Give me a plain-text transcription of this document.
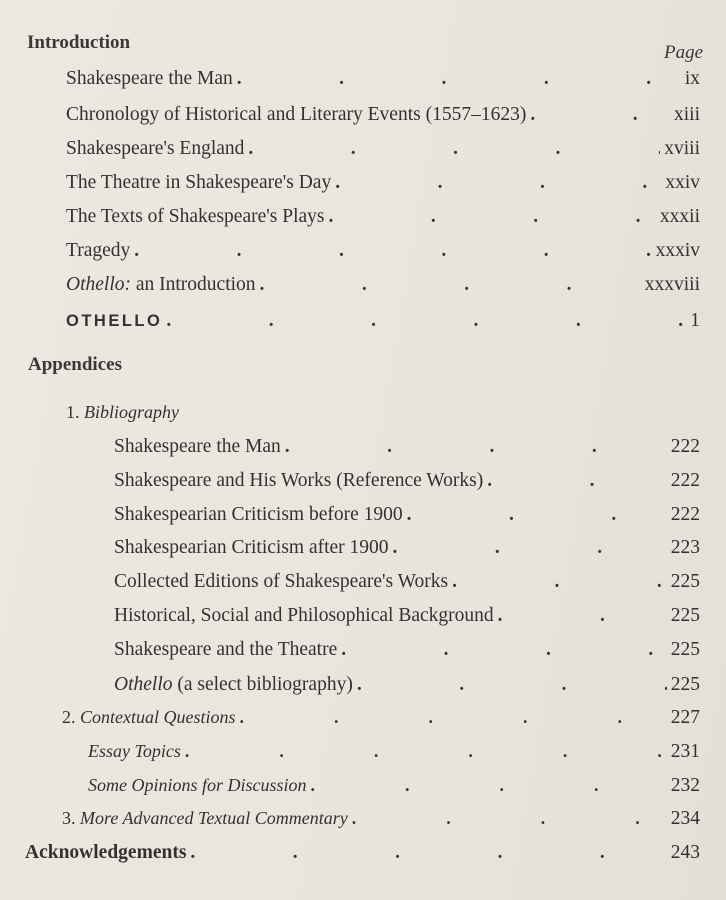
Introduction	Page
Shakespeare the Man .	ix
Chronology of Historical and Literary Events (1557–1623) .	xiii
Shakespeare's England .	xviii
The Theatre in Shakespeare's Day .	xxiv
The Texts of Shakespeare's Plays .	xxxii
Tragedy .	xxxiv
Othello: an Introduction .	xxxviii
OTHELLO .	1
Appendices
1. Bibliography
Shakespeare the Man .	222
Shakespeare and His Works (Reference Works) .	222
Shakespearian Criticism before 1900 .	222
Shakespearian Criticism after 1900 .	223
Collected Editions of Shakespeare's Works .	225
Historical, Social and Philosophical Background .	225
Shakespeare and the Theatre .	225
Othello (a select bibliography) .	225
2. Contextual Questions .	227
Essay Topics .	231
Some Opinions for Discussion .	232
3. More Advanced Textual Commentary .	234
Acknowledgements .	243
